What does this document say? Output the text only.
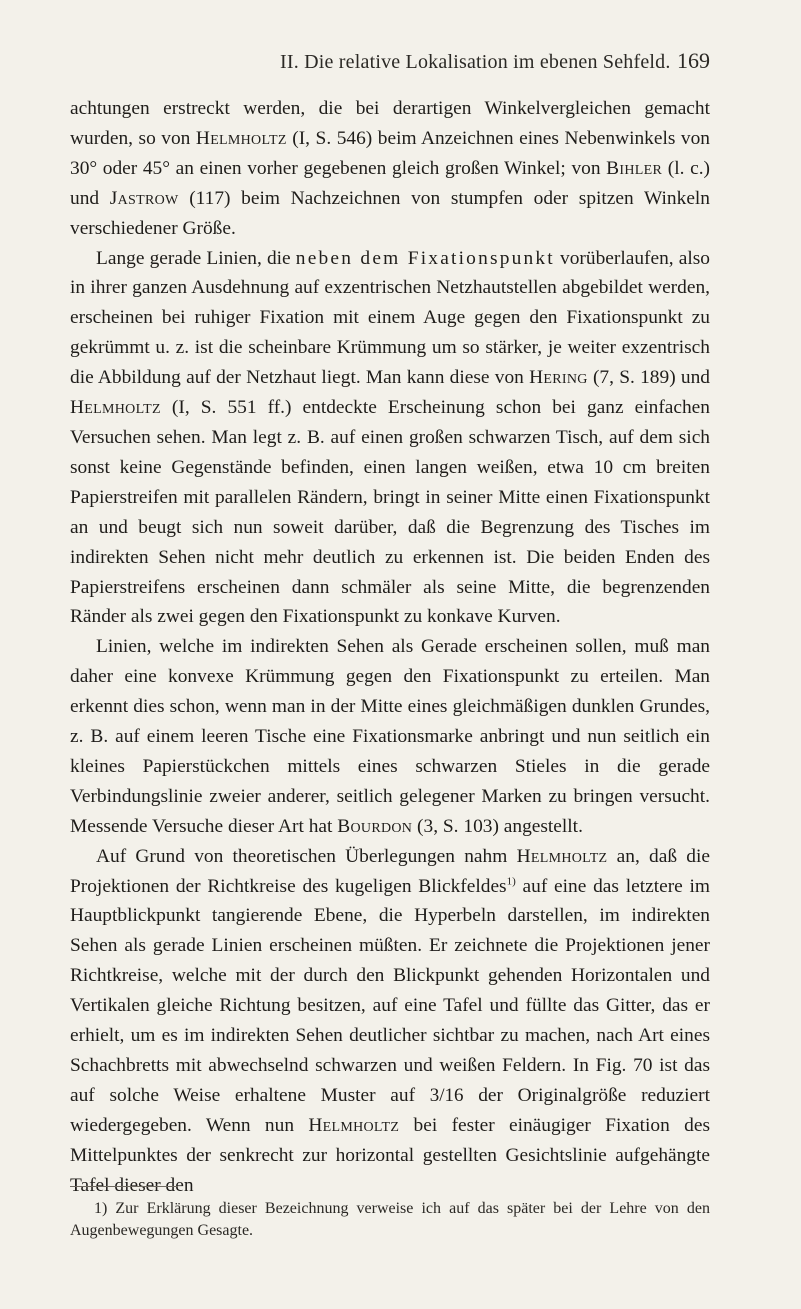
II. Die relative Lokalisation im ebenen Sehfeld. 169

achtungen erstreckt werden, die bei derartigen Winkelvergleichen gemacht wurden, so von Helmholtz (I, S. 546) beim Anzeichnen eines Nebenwinkels von 30° oder 45° an einen vorher gegebenen gleich großen Winkel; von Bihler (l. c.) und Jastrow (117) beim Nachzeichnen von stumpfen oder spitzen Winkeln verschiedener Größe.

Lange gerade Linien, die neben dem Fixationspunkt vorüberlaufen, also in ihrer ganzen Ausdehnung auf exzentrischen Netzhautstellen abgebildet werden, erscheinen bei ruhiger Fixation mit einem Auge gegen den Fixationspunkt zu gekrümmt u. z. ist die scheinbare Krümmung um so stärker, je weiter exzentrisch die Abbildung auf der Netzhaut liegt. Man kann diese von Hering (7, S. 189) und Helmholtz (I, S. 551 ff.) entdeckte Erscheinung schon bei ganz einfachen Versuchen sehen. Man legt z. B. auf einen großen schwarzen Tisch, auf dem sich sonst keine Gegenstände befinden, einen langen weißen, etwa 10 cm breiten Papierstreifen mit parallelen Rändern, bringt in seiner Mitte einen Fixationspunkt an und beugt sich nun soweit darüber, daß die Begrenzung des Tisches im indirekten Sehen nicht mehr deutlich zu erkennen ist. Die beiden Enden des Papierstreifens erscheinen dann schmäler als seine Mitte, die begrenzenden Ränder als zwei gegen den Fixationspunkt zu konkave Kurven.

Linien, welche im indirekten Sehen als Gerade erscheinen sollen, muß man daher eine konvexe Krümmung gegen den Fixationspunkt zu erteilen. Man erkennt dies schon, wenn man in der Mitte eines gleichmäßigen dunklen Grundes, z. B. auf einem leeren Tische eine Fixationsmarke anbringt und nun seitlich ein kleines Papierstückchen mittels eines schwarzen Stieles in die gerade Verbindungslinie zweier anderer, seitlich gelegener Marken zu bringen versucht. Messende Versuche dieser Art hat Bourdon (3, S. 103) angestellt.

Auf Grund von theoretischen Überlegungen nahm Helmholtz an, daß die Projektionen der Richtkreise des kugeligen Blickfeldes$^{1)}$ auf eine das letztere im Hauptblickpunkt tangierende Ebene, die Hyperbeln darstellen, im indirekten Sehen als gerade Linien erscheinen müßten. Er zeichnete die Projektionen jener Richtkreise, welche mit der durch den Blickpunkt gehenden Horizontalen und Vertikalen gleiche Richtung besitzen, auf eine Tafel und füllte das Gitter, das er erhielt, um es im indirekten Sehen deutlicher sichtbar zu machen, nach Art eines Schachbretts mit abwechselnd schwarzen und weißen Feldern. In Fig. 70 ist das auf solche Weise erhaltene Muster auf 3/16 der Originalgröße reduziert wiedergegeben. Wenn nun Helmholtz bei fester einäugiger Fixation des Mittelpunktes der senkrecht zur horizontal gestellten Gesichtslinie aufgehängte Tafel dieser den

1) Zur Erklärung dieser Bezeichnung verweise ich auf das später bei der Lehre von den Augenbewegungen Gesagte.
